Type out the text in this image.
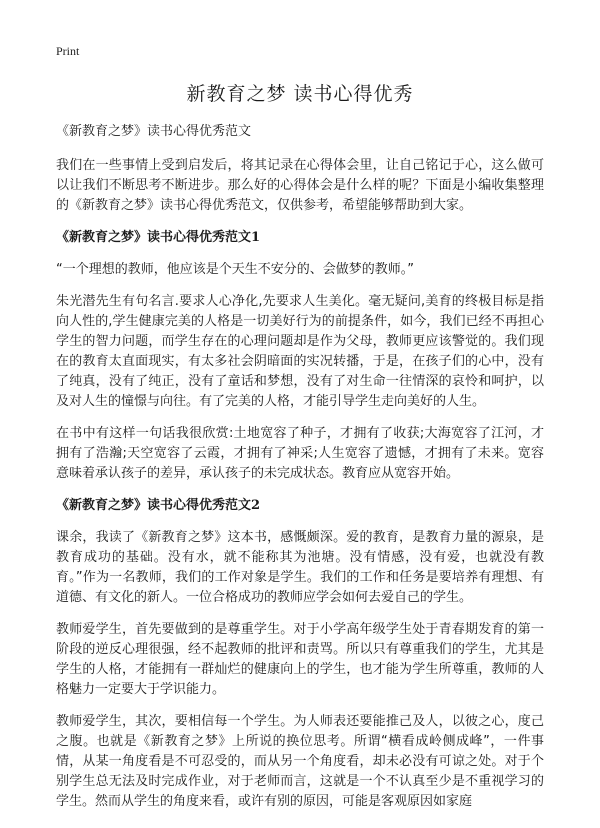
Print
新教育之梦 读书心得优秀

《新教育之梦》读书心得优秀范文

我们在一些事情上受到启发后，将其记录在心得体会里，让自己铭记于心，这么做可以让我们不断思考不断进步。那么好的心得体会是什么样的呢？下面是小编收集整理的《新教育之梦》读书心得优秀范文，仅供参考，希望能够帮助到大家。

《新教育之梦》读书心得优秀范文1

“一个理想的教师，他应该是个天生不安分的、会做梦的教师。”

朱光潜先生有句名言.要求人心净化,先要求人生美化。毫无疑问,美育的终极目标是指向人性的,学生健康完美的人格是一切美好行为的前提条件，如今，我们已经不再担心学生的智力问题，而学生存在的心理问题却是作为父母，教师更应该警觉的。我们现在的教育太直面现实，有太多社会阴暗面的实况转播，于是，在孩子们的心中，没有了纯真，没有了纯正，没有了童话和梦想，没有了对生命一往情深的哀怜和呵护，以及对人生的憧憬与向往。有了完美的人格，才能引导学生走向美好的人生。

在书中有这样一句话我很欣赏:土地宽容了种子，才拥有了收获;大海宽容了江河，才拥有了浩瀚;天空宽容了云霞，才拥有了神采;人生宽容了遗憾，才拥有了未来。宽容意味着承认孩子的差异，承认孩子的未完成状态。教育应从宽容开始。

《新教育之梦》读书心得优秀范文2

课余，我读了《新教育之梦》这本书，感慨颇深。爱的教育，是教育力量的源泉，是教育成功的基础。没有水，就不能称其为池塘。没有情感，没有爱，也就没有教育。”作为一名教师，我们的工作对象是学生。我们的工作和任务是要培养有理想、有道德、有文化的新人。一位合格成功的教师应学会如何去爱自己的学生。

教师爱学生，首先要做到的是尊重学生。对于小学高年级学生处于青春期发育的第一阶段的逆反心理很强，经不起教师的批评和责骂。所以只有尊重我们的学生，尤其是学生的人格，才能拥有一群灿烂的健康向上的学生，也才能为学生所尊重，教师的人格魅力一定要大于学识能力。

教师爱学生，其次，要相信每一个学生。为人师表还要能推己及人，以彼之心，度己之腹。也就是《新教育之梦》上所说的换位思考。所谓“横看成岭侧成峰”，一件事情，从某一角度看是不可忍受的，而从另一个角度看，却未必没有可谅之处。对于个别学生总无法及时完成作业，对于老师而言，这就是一个不认真至少是不重视学习的学生。然而从学生的角度来看，或许有别的原因，可能是客观原因如家庭
